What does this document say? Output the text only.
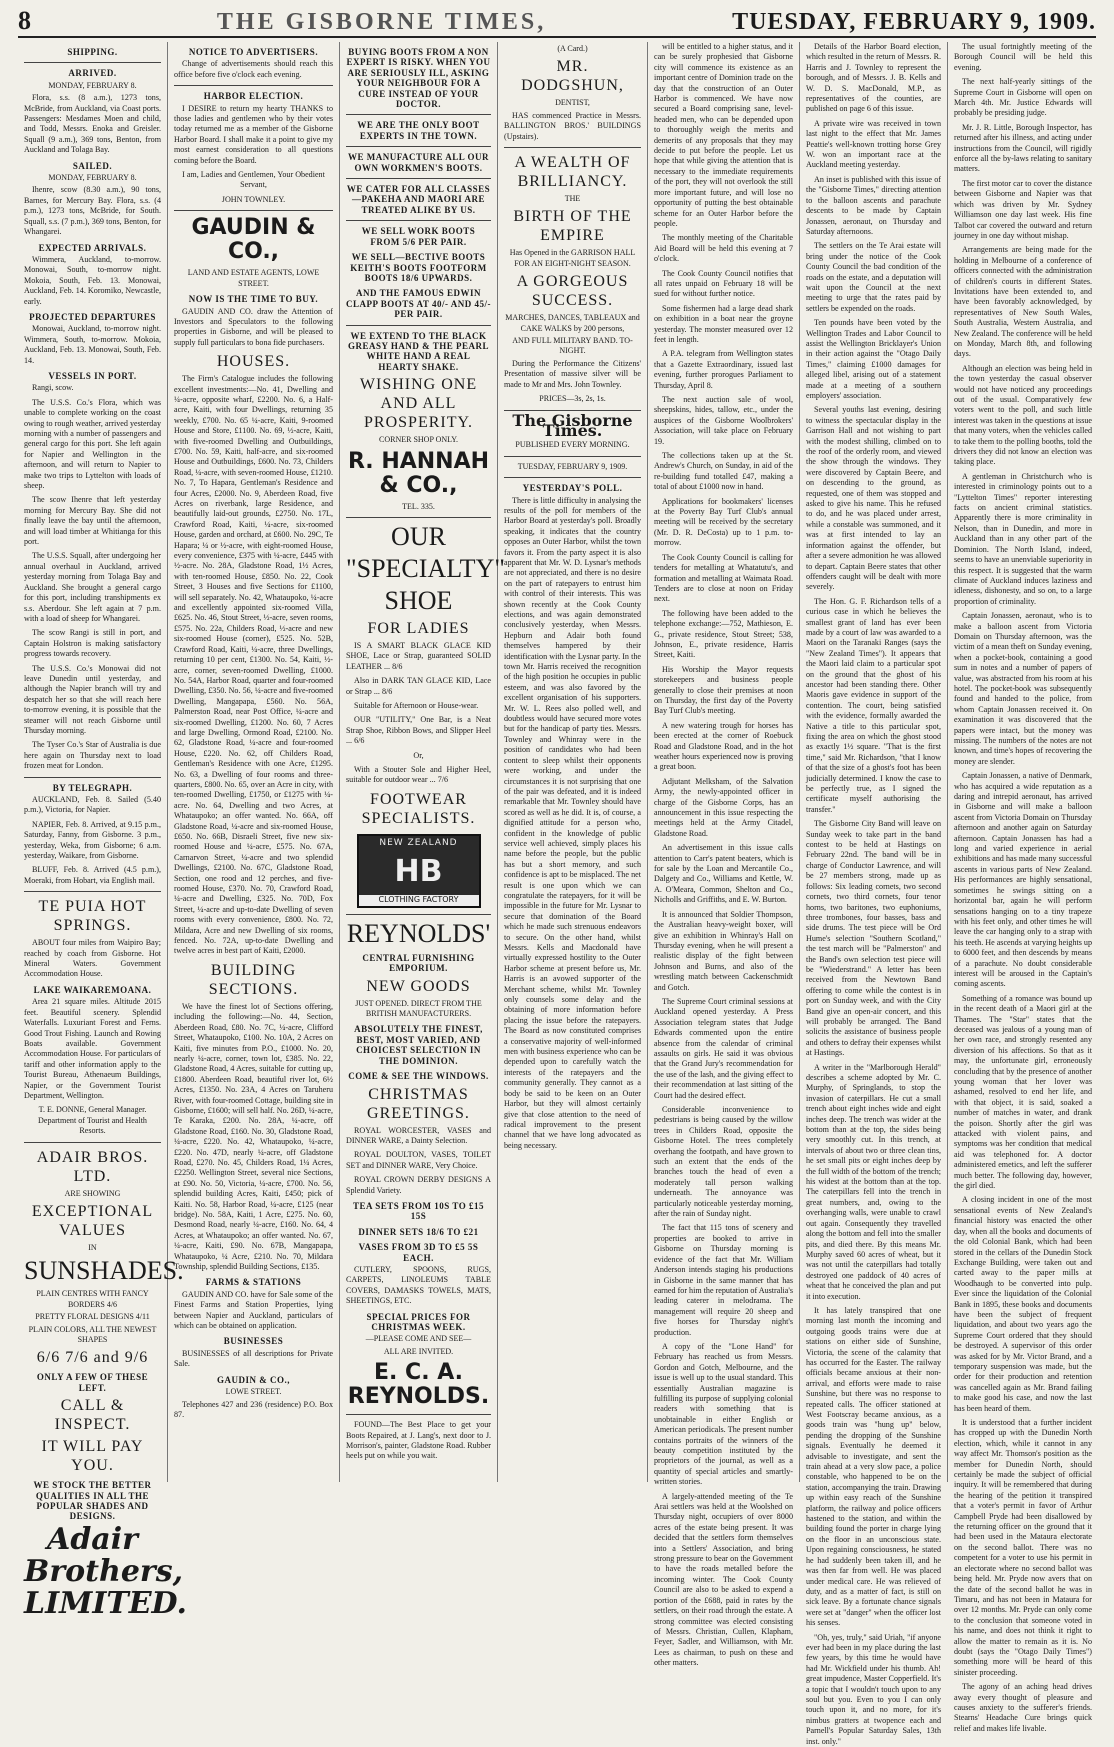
8	THE GISBORNE TIMES,	TUESDAY, FEBRUARY 9, 1909.
SHIPPING.
ARRIVED.
MONDAY, FEBRUARY 8.

Flora, s.s. (8 a.m.), 1273 tons, McBride, from Auckland, via Coast ports. Passengers: Mesdames Moen and child, and Todd, Messrs. Enoka and Greisler. Squall (9 a.m.), 369 tons, Benton, from Auckland and Tolaga Bay.

SAILED.
MONDAY, FEBRUARY 8.

Ihenre, scow (8.30 a.m.), 90 tons, Barnes, for Mercury Bay. Flora, s.s. (4 p.m.), 1273 tons, McBride, for South. Squall, s.s. (7 p.m.), 369 tons, Benton, for Whangarei.

EXPECTED ARRIVALS.

Wimmera, Auckland, to-morrow. Monowai, South, to-morrow night. Mokoia, South, Feb. 13. Monowai, Auckland, Feb. 14. Koromiko, Newcastle, early.

PROJECTED DEPARTURES

Monowai, Auckland, to-morrow night. Wimmera, South, to-morrow. Mokoia, Auckland, Feb. 13. Monowai, South, Feb. 14.

VESSELS IN PORT.

Rangi, scow.

The U.S.S. Co.'s Flora, which was unable to complete working on the coast owing to rough weather, arrived yesterday morning with a number of passengers and general cargo for this port. She left again for Napier and Wellington in the afternoon, and will return to Napier to make two trips to Lyttelton with loads of sheep.

The scow Ihenre that left yesterday morning for Mercury Bay. She did not finally leave the bay until the afternoon, and will load timber at Whitianga for this port.

The U.S.S. Squall, after undergoing her annual overhaul in Auckland, arrived yesterday morning from Tolaga Bay and Auckland. She brought a general cargo for this port, including transhipments ex s.s. Aberdour. She left again at 7 p.m. with a load of sheep for Whangarei.

The scow Rangi is still in port, and Captain Holstron is making satisfactory progress towards recovery.

The U.S.S. Co.'s Monowai did not leave Dunedin until yesterday, and although the Napier branch will try and despatch her so that she will reach here to-morrow evening, it is possible that the steamer will not reach Gisborne until Thursday morning.

The Tyser Co.'s Star of Australia is due here again on Thursday next to load frozen meat for London.

BY TELEGRAPH.

AUCKLAND, Feb. 8. Sailed (5.40 p.m.), Victoria, for Napier.

NAPIER, Feb. 8. Arrived, at 9.15 p.m., Saturday, Fanny, from Gisborne. 3 p.m., yesterday, Weka, from Gisborne; 6 a.m. yesterday, Waikare, from Gisborne.

BLUFF, Feb. 8. Arrived (4.5 p.m.), Moeraki, from Hobart, via English mail.

TE PUIA HOT SPRINGS.

ABOUT four miles from Waipiro Bay; reached by coach from Gisborne. Hot Mineral Waters. Government Accommodation House.

LAKE WAIKAREMOANA.

Area 21 square miles. Altitude 2015 feet. Beautiful scenery. Splendid Waterfalls. Luxuriant Forest and Ferns. Good Trout Fishing. Launch and Rowing Boats available. Government Accommodation House. For particulars of tariff and other information apply to the Tourist Bureau, Athenaeum Buildings, Napier, or the Government Tourist Department, Wellington.

T. E. DONNE, General Manager. Department of Tourist and Health Resorts.

ADAIR BROS. LTD.
ARE SHOWING
EXCEPTIONAL VALUES
IN
SUNSHADES.
PLAIN CENTRES WITH FANCY BORDERS 4/6
PRETTY FLORAL DESIGNS 4/11
PLAIN COLORS, ALL THE NEWEST SHAPES
6/6 7/6 and 9/6
ONLY A FEW OF THESE LEFT.
CALL & INSPECT.
IT WILL PAY YOU.
WE STOCK THE BETTER QUALITIES IN ALL THE POPULAR SHADES AND DESIGNS.
Adair Brothers, LIMITED.
NOTICE TO ADVERTISERS.

Change of advertisements should reach this office before five o'clock each evening.

HARBOR ELECTION.

I DESIRE to return my hearty THANKS to those ladies and gentlemen who by their votes today returned me as a member of the Gisborne Harbor Board. I shall make it a point to give my most earnest consideration to all questions coming before the Board.

I am, Ladies and Gentlemen, Your Obedient Servant,

JOHN TOWNLEY.

GAUDIN & CO.,
LAND AND ESTATE AGENTS, LOWE STREET.
NOW IS THE TIME TO BUY.

GAUDIN AND CO. draw the Attention of Investors and Speculators to the following properties in Gisborne, and will be pleased to supply full particulars to bona fide purchasers.

HOUSES.

The Firm's Catalogue includes the following excellent investments:—No. 41, Dwelling and ¼-acre, opposite wharf, £2200. No. 6, a Half-acre, Kaiti, with four Dwellings, returning 35 weekly, £700. No. 65 ¼-acre, Kaiti, 9-roomed House and Store, £1100. No. 69, ½-acre, Kaiti, with five-roomed Dwelling and Outbuildings, £700. No. 59, Kaiti, half-acre, and six-roomed House and Outbuildings, £600. No. 73, Childers Road, ¼-acre, with seven-roomed House, £1210. No. 7, To Hapara, Gentleman's Residence and four Acres, £2000. No. 9, Aberdeen Road, five Acres on riverbank, large Residence, and beautifully laid-out grounds, £2750. No. 17L, Crawford Road, Kaiti, ¼-acre, six-roomed House, garden and orchard, at £600. No. 29C, Te Hapara; ¼ or ½-acre, with eight-roomed House, every convenience, £375 with ¼-acre, £445 with ½-acre. No. 28A, Gladstone Road, 1½ Acres, with ten-roomed House, £850. No. 22, Cook Street, 3 Houses and five Sections for £1100, will sell separately. No. 42, Whataupoko, ¼-acre and excellently appointed six-roomed Villa, £625. No. 46, Stout Street, ½-acre, seven rooms, £575. No. 22a, Childers Road, ½-acre and new six-roomed House (corner), £525. No. 52B, Crawford Road, Kaiti, ¼-acre, three Dwellings, returning 10 per cent, £1300. No. 54, Kaiti, ½-acre, corner, seven-roomed Dwelling, £1000. No. 54A, Harbor Road, quarter and four-roomed Dwelling, £350. No. 56, ¼-acre and five-roomed Dwelling, Mangapapa, £560. No. 56A, Palmerston Road, near Post Office, ¼-acre and six-roomed Dwelling, £1200. No. 60, 7 Acres and large Dwelling, Ormond Road, £2100. No. 62, Gladstone Road, ¼-acre and four-roomed House, £220. No. 62, off Childers Road, Gentleman's Residence with one Acre, £1295. No. 63, a Dwelling of four rooms and three-quarters, £800. No. 65, over an Acre in city, with ten-roomed Dwelling, £1750, or £1275 with ¼-acre. No. 64, Dwelling and two Acres, at Whataupoko; an offer wanted. No. 66A, off Gladstone Road, ¼-acre and six-roomed House, £650. No. 66B, Disraeli Street, five new six-roomed House and ¼-acre, £575. No. 67A, Carnarvon Street, ¼-acre and two splendid Dwellings, £2100. No. 67C, Gladstone Road, Section, one rood and 12 perches, and five-roomed House, £370. No. 70, Crawford Road, ¼-acre and Dwelling, £325. No. 70D, Fox Street, ¼-acre and up-to-date Dwelling of seven rooms with every convenience, £800. No. 72, Mildara, Acre and new Dwelling of six rooms, fenced. No. 72A, up-to-date Dwelling and twelve acres in best part of Kaiti, £2000.

BUILDING SECTIONS.

We have the finest lot of Sections offering, including the following:—No. 44, Section, Aberdeen Road, £80. No. 7C, ¼-acre, Clifford Street, Whataupoko, £100. No. 10A, 2 Acres on Kaiti, five minutes from P.O., £1000. No. 20, nearly ¼-acre, corner, town lot, £385. No. 22, Gladstone Road, 4 Acres, suitable for cutting up, £1800. Aberdeen Road, beautiful river lot, 6½ Acres, £1350. No. 23A, 4 Acres on Taruheru River, with four-roomed Cottage, building site in Gisborne, £1600; will sell half. No. 26D, ¼-acre, Te Karaka, £200. No. 28A, ¼-acre, off Gladstone Road, £160. No. 30, Gladstone Road, ¼-acre, £220. No. 42, Whataupoko, ¼-acre, £220. No. 47D, nearly ¼-acre, off Gladstone Road, £270. No. 45, Childers Road, 1¼ Acres, £2250. Wellington Street, several nice Sections, at £90. No. 50, Victoria, ¼-acre, £700. No. 56, splendid building Acres, Kaiti, £450; pick of Kaiti. No. 58, Harbor Road, ¼-acre, £125 (near bridge). No. 58A, Kaiti, 1 Acre, £275. No. 60, Desmond Road, nearly ¼-acre, £160. No. 64, 4 Acres, at Whataupoko; an offer wanted. No. 67, ¼-acre, Kaiti, £90. No. 67B, Mangapapa, Whataupoko, ¼ Acre, £210. No. 70, Mildara Township, splendid Building Sections, £135.

FARMS & STATIONS

GAUDIN AND CO. have for Sale some of the Finest Farms and Station Properties, lying between Napier and Auckland, particulars of which can be obtained on application.

BUSINESSES

BUSINESSES of all descriptions for Private Sale.

GAUDIN & CO.,
LOWE STREET.

Telephones 427 and 236 (residence) P.O. Box 87.

BUYING BOOTS FROM A NON EXPERT IS RISKY. WHEN YOU ARE SERIOUSLY ILL, ASKING YOUR NEIGHBOUR FOR A CURE INSTEAD OF YOUR DOCTOR.
WE ARE THE ONLY BOOT EXPERTS IN THE TOWN.
WE MANUFACTURE ALL OUR OWN WORKMEN'S BOOTS.
WE CATER FOR ALL CLASSES—PAKEHA AND MAORI ARE TREATED ALIKE BY US.
WE SELL WORK BOOTS FROM 5/6 PER PAIR.
WE SELL—BECTIVE BOOTS KEITH'S BOOTS FOOTFORM BOOTS 18/6 UPWARDS.
AND THE FAMOUS EDWIN CLAPP BOOTS AT 40/- AND 45/- PER PAIR.
WE EXTEND TO THE BLACK GREASY HAND & THE PEARL WHITE HAND A REAL HEARTY SHAKE.
WISHING ONE AND ALL PROSPERITY.
CORNER SHOP ONLY.
R. HANNAH & CO.,
TEL. 335.
OUR
"SPECIALTY"
SHOE
FOR LADIES

IS A SMART BLACK GLACE KID SHOE, Lace or Strap, guaranteed SOLID LEATHER ... 8/6

Also in DARK TAN GLACE KID, Lace or Strap ... 8/6

Suitable for Afternoon or House-wear.

OUR "UTILITY," One Bar, is a Neat Strap Shoe, Ribbon Bows, and Slipper Heel ... 6/6

Or,

With a Stouter Sole and Higher Heel, suitable for outdoor wear ... 7/6

FOOTWEAR SPECIALISTS.
NEW ZEALAND
HB
CLOTHING FACTORY
REYNOLDS'
CENTRAL FURNISHING EMPORIUM.
NEW GOODS
JUST OPENED. DIRECT FROM THE BRITISH MANUFACTURERS.
ABSOLUTELY THE FINEST, BEST, MOST VARIED, AND CHOICEST SELECTION IN THE DOMINION.
COME & SEE THE WINDOWS.
CHRISTMAS GREETINGS.

ROYAL WORCESTER, VASES and DINNER WARE, a Dainty Selection.

ROYAL DOULTON, VASES, TOILET SET and DINNER WARE, Very Choice.

ROYAL CROWN DERBY DESIGNS A Splendid Variety.

TEA SETS FROM 10S TO £15 15S
DINNER SETS 18/6 TO £21
VASES FROM 3D TO £5 5S EACH.

CUTLERY, SPOONS, RUGS, CARPETS, LINOLEUMS TABLE COVERS, DAMASKS TOWELS, MATS, SHEETINGS, ETC.

SPECIAL PRICES FOR CHRISTMAS WEEK.
—PLEASE COME AND SEE—
ALL ARE INVITED.
E. C. A. REYNOLDS.

FOUND—The Best Place to get your Boots Repaired, at J. Lang's, next door to J. Morrison's, painter, Gladstone Road. Rubber heels put on while you wait.

(A Card.)
MR. DODGSHUN,
DENTIST,

HAS commenced Practice in Messrs. BALLINGTON BROS.' BUILDINGS (Upstairs).

A WEALTH OF BRILLIANCY.
THE
BIRTH OF THE EMPIRE
Has Opened in the GARRISON HALL FOR AN EIGHT-NIGHT SEASON.
A GORGEOUS SUCCESS.
MARCHES, DANCES, TABLEAUX and CAKE WALKS by 200 persons,
AND FULL MILITARY BAND. TO-NIGHT.

During the Performance the Citizens' Presentation of massive silver will be made to Mr and Mrs. John Townley.

PRICES—3s, 2s, 1s.
The Gisborne Times.
PUBLISHED EVERY MORNING.
TUESDAY, FEBRUARY 9, 1909.
YESTERDAY'S POLL.

There is little difficulty in analysing the results of the poll for members of the Harbor Board at yesterday's poll. Broadly speaking, it indicates that the country opposes an Outer Harbor, whilst the town favors it. From the party aspect it is also apparent that Mr. W. D. Lysnar's methods are not appreciated, and there is no desire on the part of ratepayers to entrust him with control of their interests. This was shown recently at the Cook County elections, and was again demonstrated conclusively yesterday, when Messrs. Hepburn and Adair both found themselves hampered by their identification with the Lysnar party. In the town Mr. Harris received the recognition of the high position he occupies in public esteem, and was also favored by the excellent organisation of his supporters. Mr. W. L. Rees also polled well, and doubtless would have secured more votes but for the handicap of party ties. Messrs. Townley and Whinray were in the position of candidates who had been content to sleep whilst their opponents were working, and under the circumstances it is not surprising that one of the pair was defeated, and it is indeed remarkable that Mr. Townley should have scored as well as he did. It is, of course, a dignified attitude for a person who, confident in the knowledge of public service well achieved, simply places his name before the people, but the public has but a short memory, and such confidence is apt to be misplaced. The net result is one upon which we can congratulate the ratepayers, for it will be impossible in the future for Mr. Lysnar to secure that domination of the Board which he made such strenuous endeavors to secure. On the other hand, whilst Messrs. Kells and Macdonald have virtually expressed hostility to the Outer Harbor scheme at present before us, Mr. Harris is an avowed supporter of the Merchant scheme, whilst Mr. Townley only counsels some delay and the obtaining of more information before placing the issue before the ratepayers. The Board as now constituted comprises a conservative majority of well-informed men with business experience who can be depended upon to carefully watch the interests of the ratepayers and the community generally. They cannot as a body be said to be keen on an Outer Harbor, but they will almost certainly give that close attention to the need of radical improvement to the present channel that we have long advocated as being necessary.

will be entitled to a higher status, and it can be surely prophesied that Gisborne city will commence its existence as an important centre of Dominion trade on the day that the construction of an Outer Harbor is commenced. We have now secured a Board comprising sane, level-headed men, who can be depended upon to thoroughly weigh the merits and demerits of any proposals that they may decide to put before the people. Let us hope that while giving the attention that is necessary to the immediate requirements of the port, they will not overlook the still more important future, and will lose no opportunity of putting the best obtainable scheme for an Outer Harbor before the people.

The monthly meeting of the Charitable Aid Board will be held this evening at 7 o'clock.

The Cook County Council notifies that all rates unpaid on February 18 will be sued for without further notice.

Some fishermen had a large dead shark on exhibition in a boat near the groyne yesterday. The monster measured over 12 feet in length.

A P.A. telegram from Wellington states that a Gazette Extraordinary, issued last evening, further prorogues Parliament to Thursday, April 8.

The next auction sale of wool, sheepskins, hides, tallow, etc., under the auspices of the Gisborne Woolbrokers' Association, will take place on February 19.

The collections taken up at the St. Andrew's Church, on Sunday, in aid of the re-building fund totalled £47, making a total of about £1000 now in hand.

Applications for bookmakers' licenses at the Poverty Bay Turf Club's annual meeting will be received by the secretary (Mr. D. R. DeCosta) up to 1 p.m. to-morrow.

The Cook County Council is calling for tenders for metalling at Whatatutu's, and formation and metalling at Waimata Road. Tenders are to close at noon on Friday next.

The following have been added to the telephone exchange:—752, Mathieson, E. G., private residence, Stout Street; 538, Johnson, E., private residence, Harris Street, Kaiti.

His Worship the Mayor requests storekeepers and business people generally to close their premises at noon on Thursday, the first day of the Poverty Bay Turf Club's meeting.

A new watering trough for horses has been erected at the corner of Roebuck Road and Gladstone Road, and in the hot weather hours experienced now is proving a great boon.

Adjutant Melksham, of the Salvation Army, the newly-appointed officer in charge of the Gisborne Corps, has an announcement in this issue respecting the meetings held at the Army Citadel, Gladstone Road.

An advertisement in this issue calls attention to Carr's patent beaters, which is for sale by the Loan and Mercantile Co., Dalgety and Co., Williams and Kettle, W. A. O'Meara, Common, Shelton and Co., Nicholls and Griffiths, and E. W. Burton.

It is announced that Soldier Thompson, the Australian heavy-weight boxer, will give an exhibition in Whinray's Hall on Thursday evening, when he will present a realistic display of the fight between Johnson and Burns, and also of the wrestling match between Cackenschmidt and Gotch.

The Supreme Court criminal sessions at Auckland opened yesterday. A Press Association telegram states that Judge Edwards commented upon the entire absence from the calendar of criminal assaults on girls. He said it was obvious that the Grand Jury's recommendation for the use of the lash, and the giving effect to their recommendation at last sitting of the Court had the desired effect.

Considerable inconvenience to pedestrians is being caused by the willow trees in Childers Road, opposite the Gisborne Hotel. The trees completely overhang the footpath, and have grown to such an extent that the ends of the branches touch the head of even a moderately tall person walking underneath. The annoyance was particularly noticeable yesterday morning, after the rain of Sunday night.

The fact that 115 tons of scenery and properties are booked to arrive in Gisborne on Thursday morning is evidence of the fact that Mr. William Anderson intends staging his productions in Gisborne in the same manner that has earned for him the reputation of Australia's leading caterer in melodrama. The management will require 20 sheep and five horses for Thursday night's production.

A copy of the "Lone Hand" for February has reached us from Messrs. Gordon and Gotch, Melbourne, and the issue is well up to the usual standard. This essentially Australian magazine is fulfilling its purpose of supplying colonial readers with something that is unobtainable in either English or American periodicals. The present number contains portraits of the winners of the beauty competition instituted by the proprietors of the journal, as well as a quantity of special articles and smartly-written stories.

A largely-attended meeting of the Te Arai settlers was held at the Woolshed on Thursday night, occupiers of over 8000 acres of the estate being present. It was decided that the settlers form themselves into a Settlers' Association, and bring strong pressure to bear on the Government to have the roads metalled before the incoming winter. The Cook County Council are also to be asked to expend a portion of the £688, paid in rates by the settlers, on their road through the estate. A strong committee was elected consisting of Messrs. Christian, Cullen, Klapham, Feyer, Sadler, and Williamson, with Mr. Lees as chairman, to push on these and other matters.

Details of the Harbor Board election, which resulted in the return of Messrs. R. Harris and J. Townley to represent the borough, and of Messrs. J. B. Kells and W. D. S. MacDonald, M.P., as representatives of the counties, are published on page 6 of this issue.

A private wire was received in town last night to the effect that Mr. James Peattie's well-known trotting horse Grey W. won an important race at the Auckland meeting yesterday.

An inset is published with this issue of the "Gisborne Times," directing attention to the balloon ascents and parachute descents to be made by Captain Jonassen, aeronaut, on Thursday and Saturday afternoons.

The settlers on the Te Arai estate will bring under the notice of the Cook County Council the bad condition of the roads on the estate, and a deputation will wait upon the Council at the next meeting to urge that the rates paid by settlers be expended on the roads.

Ten pounds have been voted by the Wellington Trades and Labor Council to assist the Wellington Bricklayer's Union in their action against the "Otago Daily Times," claiming £1000 damages for alleged libel, arising out of a statement made at a meeting of a southern employers' association.

Several youths last evening, desiring to witness the spectacular display in the Garrison Hall and not wishing to part with the modest shilling, climbed on to the roof of the orderly room, and viewed the show through the windows. They were discovered by Captain Beere, and on descending to the ground, as requested, one of them was stopped and asked to give his name. This he refused to do, and he was placed under arrest, while a constable was summoned, and it was at first intended to lay an information against the offender, but after a severe admonition he was allowed to depart. Captain Beere states that other offenders caught will be dealt with more severely.

The Hon. G. F. Richardson tells of a curious case in which he believes the smallest grant of land has ever been made by a court of law was awarded to a Maori on the Taranaki Ranges (says the "New Zealand Times"). It appears that the Maori laid claim to a particular spot on the ground that the ghost of his ancestor had been standing there. Other Maoris gave evidence in support of the contention. The court, being satisfied with the evidence, formally awarded the Native a title to this particular spot, fixing the area on which the ghost stood as exactly 1½ square. "That is the first time," said Mr. Richardson, "that I know of that the size of a ghost's foot has been judicially determined. I know the case to be perfectly true, as I signed the certificate myself authorising the transfer."

The Gisborne City Band will leave on Sunday week to take part in the band contest to be held at Hastings on February 22nd. The band will be in charge of Conductor Lawrence, and will be 27 members strong, made up as follows: Six leading cornets, two second cornets, two third cornets, four tenor horns, two baritones, two euphoniums, three trombones, four basses, bass and side drums. The test piece will be Ord Hume's selection "Southern Scotland," the test march will be "Palmerston" and the Band's own selection test piece will be "Wiederstrand." A letter has been received from the Newtown Band offering to come while the contest is in port on Sunday week, and with the City Band give an open-air concert, and this will probably be arranged. The Band solicits the assistance of business people and others to defray their expenses whilst at Hastings.

A writer in the "Marlborough Herald" describes a scheme adopted by Mr. C. Murphy, of Springlands, to stop the invasion of caterpillars. He cut a small trench about eight inches wide and eight inches deep. The trench was wider at the bottom than at the top, the sides being very smoothly cut. In this trench, at intervals of about two or three clean tins, he set small pits or eight inches deep by the full width of the bottom of the trench; his widest at the bottom than at the top. The caterpillars fell into the trench in great numbers, and, owing to the overhanging walls, were unable to crawl out again. Consequently they travelled along the bottom and fell into the smaller pits, and died there. By this means Mr. Murphy saved 60 acres of wheat, but it was not until the caterpillars had totally destroyed one paddock of 40 acres of wheat that he conceived the plan and put it into execution.

It has lately transpired that one morning last month the incoming and outgoing goods trains were due at stations on either side of Sunshine, Victoria, the scene of the calamity that has occurred for the Easter. The railway officials became anxious at their non-arrival, and efforts were made to raise Sunshine, but there was no response to repeated calls. The officer stationed at West Footscray became anxious, as a goods train was "hung up" below, pending the dropping of the Sunshine signals. Eventually he deemed it advisable to investigate, and sent the train ahead at a very slow pace, a police constable, who happened to be on the station, accompanying the train. Drawing up within easy reach of the Sunshine platform, the railway and police officers hastened to the station, and within the building found the porter in charge lying on the floor in an unconscious state. Upon regaining consciousness, he stated he had suddenly been taken ill, and he was then far from well. He was placed under medical care. He was relieved of duty, and as a matter of fact, is still on sick leave. By a fortunate chance signals were set at "danger" when the officer lost his senses.

"Oh, yes, truly," said Uriah, "if anyone ever had been in my place during the last few years, by this time he would have had Mr. Wickfield under his thumb. Ah! great impudence, Master Copperfield. It's a topic that I wouldn't touch upon to any soul but you. Even to you I can only touch upon it, and no more, for it's nimbus gratters at twopence each and Parnell's Popular Saturday Sales, 13th inst. only."

The usual fortnightly meeting of the Borough Council will be held this evening.

The next half-yearly sittings of the Supreme Court in Gisborne will open on March 4th. Mr. Justice Edwards will probably be presiding judge.

Mr. J. R. Little, Borough Inspector, has returned after his illness, and acting under instructions from the Council, will rigidly enforce all the by-laws relating to sanitary matters.

The first motor car to cover the distance between Gisborne and Napier was that which was driven by Mr. Sydney Williamson one day last week. His fine Talbot car covered the outward and return journey in one day without mishap.

Arrangements are being made for the holding in Melbourne of a conference of officers connected with the administration of children's courts in different States. Invitations have been extended to, and have been favorably acknowledged, by representatives of New South Wales, South Australia, Western Australia, and New Zealand. The conference will be held on Monday, March 8th, and following days.

Although an election was being held in the town yesterday the casual observer would not have noticed any proceedings out of the usual. Comparatively few voters went to the poll, and such little interest was taken in the questions at issue that many voters, when the vehicles called to take them to the polling booths, told the drivers they did not know an election was taking place.

A gentleman in Christchurch who is interested in criminology points out to a "Lyttelton Times" reporter interesting facts on ancient criminal statistics. Apparently there is more criminality in Nelson, than in Dunedin, and more in Auckland than in any other part of the Dominion. The North Island, indeed, seems to have an unenviable superiority in this respect. It is suggested that the warm climate of Auckland induces laziness and idleness, dishonesty, and so on, to a large proportion of criminality.

Captain Jonassen, aeronaut, who is to make a balloon ascent from Victoria Domain on Thursday afternoon, was the victim of a mean theft on Sunday evening, when a pocket-book, containing a good sum in notes and a number of papers of value, was abstracted from his room at his hotel. The pocket-book was subsequently found and handed to the police, from whom Captain Jonassen received it. On examination it was discovered that the papers were intact, but the money was missing. The numbers of the notes are not known, and time's hopes of recovering the money are slender.

Captain Jonassen, a native of Denmark, who has acquired a wide reputation as a daring and intrepid aeronaut, has arrived in Gisborne and will make a balloon ascent from Victoria Domain on Thursday afternoon and another again on Saturday afternoon. Captain Jonassen has had a long and varied experience in aerial exhibitions and has made many successful ascents in various parts of New Zealand. His performances are highly sensational, sometimes he swings sitting on a horizontal bar, again he will perform sensations hanging on to a tiny trapeze with his feet only, and other times he will leave the car hanging only to a strap with his teeth. He ascends at varying heights up to 6000 feet, and then descends by means of a parachute. No doubt considerable interest will be aroused in the Captain's coming ascents.

Something of a romance was bound up in the recent death of a Maori girl at the Thames. The "Star" states that the deceased was jealous of a young man of her own race, and strongly resented any diversion of his affections. So that as it may, the unfortunate girl, erroneously concluding that by the presence of another young woman that her lover was ashamed, resolved to end her life, and with that object, it is said, soaked a number of matches in water, and drank the poison. Shortly after the girl was attacked with violent pains, and symptoms was her condition that medical aid was telephoned for. A doctor administered emetics, and left the sufferer much better. The following day, however, the girl died.

A closing incident in one of the most sensational events of New Zealand's financial history was enacted the other day, when all the books and documents of the old Colonial Bank, which had been stored in the cellars of the Dunedin Stock Exchange Building, were taken out and carted away to the paper mills at Woodhaugh to be converted into pulp. Ever since the liquidation of the Colonial Bank in 1895, these books and documents have been the subject of frequent liquidation, and about two years ago the Supreme Court ordered that they should be destroyed. A supervisor of this order was asked for by Mr. Victor Brand, and a temporary suspension was made, but the order for their production and retention was cancelled again as Mr. Brand failing to make good his case, and now the last has been heard of them.

It is understood that a further incident has cropped up with the Dunedin North election, which, while it cannot in any way affect Mr. Thomson's position as the member for Dunedin North, should certainly be made the subject of official inquiry. It will be remembered that during the hearing of the petition it transpired that a voter's permit in favor of Arthur Campbell Pryde had been disallowed by the returning officer on the ground that it had been used in the Mataura electorate on the second ballot. There was no competent for a voter to use his permit in an electorate where no second ballot was being held. Mr. Pryde now avers that on the date of the second ballot he was in Timaru, and has not been in Mataura for over 12 months. Mr. Pryde can only come to the conclusion that someone voted in his name, and does not think it right to allow the matter to remain as it is. No doubt (says the "Otago Daily Times") something more will be heard of this sinister proceeding.

The agony of an aching head drives away every thought of pleasure and causes anxiety to the sufferer's friends. Stearns' Headache Cure brings quick relief and makes life livable.
